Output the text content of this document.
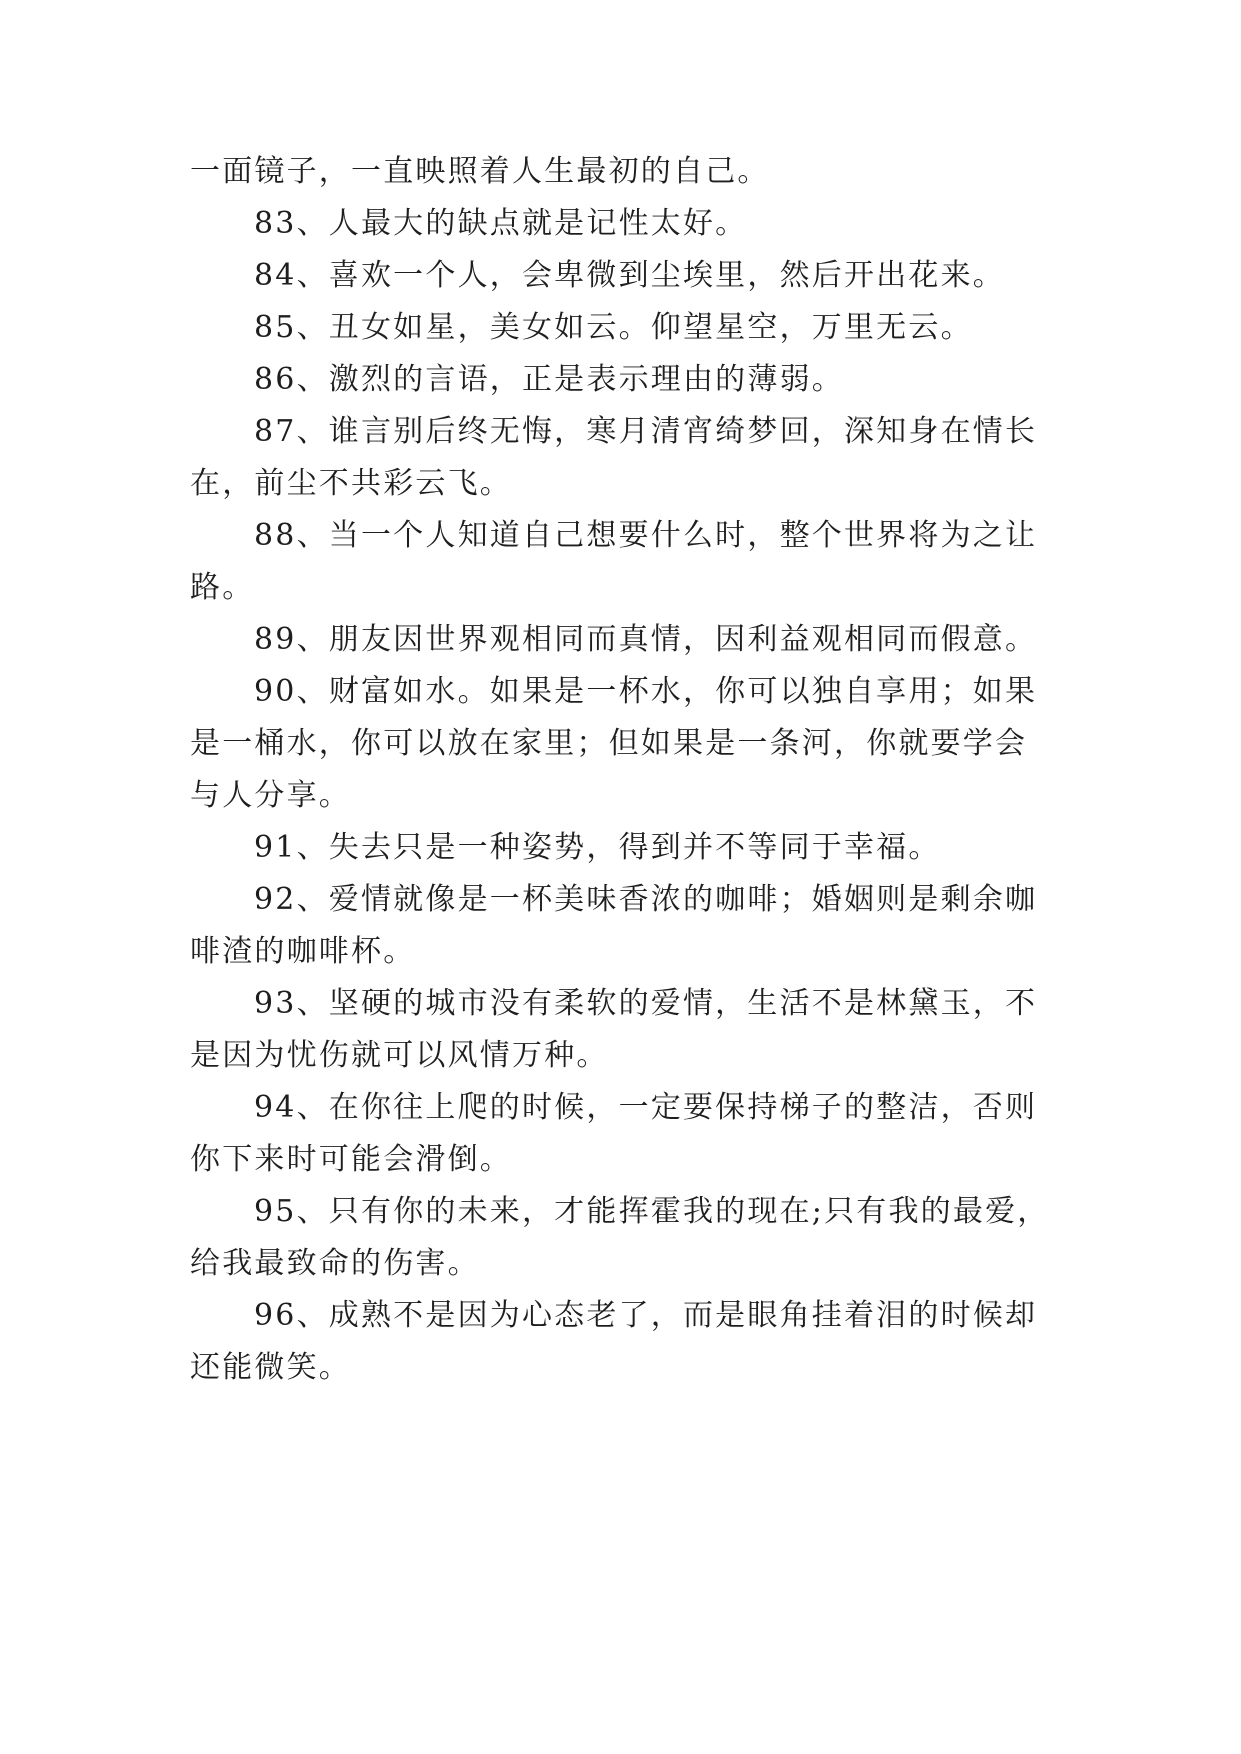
一面镜子，一直映照着人生最初的自己。
83、人最大的缺点就是记性太好。
84、喜欢一个人，会卑微到尘埃里，然后开出花来。
85、丑女如星，美女如云。仰望星空，万里无云。
86、激烈的言语，正是表示理由的薄弱。
87、谁言别后终无悔，寒月清宵绮梦回，深知身在情长
在，前尘不共彩云飞。
88、当一个人知道自己想要什么时，整个世界将为之让
路。
89、朋友因世界观相同而真情，因利益观相同而假意。
90、财富如水。如果是一杯水，你可以独自享用；如果
是一桶水，你可以放在家里；但如果是一条河，你就要学会
与人分享。
91、失去只是一种姿势，得到并不等同于幸福。
92、爱情就像是一杯美味香浓的咖啡；婚姻则是剩余咖
啡渣的咖啡杯。
93、坚硬的城市没有柔软的爱情，生活不是林黛玉，不
是因为忧伤就可以风情万种。
94、在你往上爬的时候，一定要保持梯子的整洁，否则
你下来时可能会滑倒。
95、只有你的未来，才能挥霍我的现在;只有我的最爱，
给我最致命的伤害。
96、成熟不是因为心态老了，而是眼角挂着泪的时候却
还能微笑。
